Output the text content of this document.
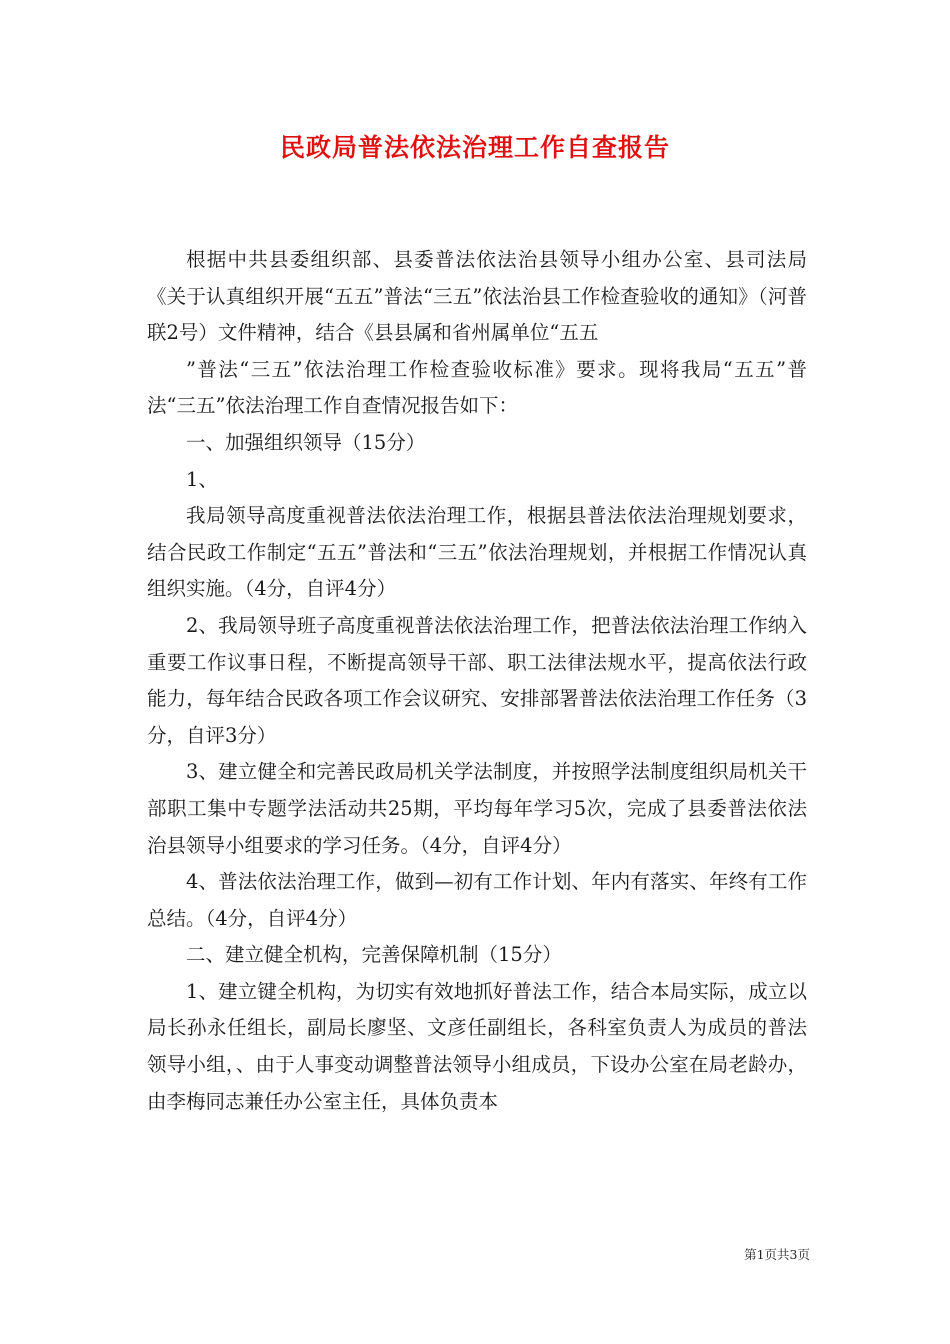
民政局普法依法治理工作自查报告

根据中共县委组织部、县委普法依法治县领导小组办公室、县司法局《关于认真组织开展“五五”普法“三五”依法治县工作检查验收的通知》（河普联2号）文件精神，结合《县县属和省州属单位“五五

”普法“三五”依法治理工作检查验收标准》要求。现将我局“五五”普法“三五”依法治理工作自查情况报告如下：

一、加强组织领导（15分）

1、

我局领导高度重视普法依法治理工作，根据县普法依法治理规划要求，结合民政工作制定“五五”普法和“三五”依法治理规划，并根据工作情况认真组织实施。（4分，自评4分）

2、我局领导班子高度重视普法依法治理工作，把普法依法治理工作纳入重要工作议事日程，不断提高领导干部、职工法律法规水平，提高依法行政能力，每年结合民政各项工作会议研究、安排部署普法依法治理工作任务（3分，自评3分）

3、建立健全和完善民政局机关学法制度，并按照学法制度组织局机关干部职工集中专题学法活动共25期，平均每年学习5次，完成了县委普法依法治县领导小组要求的学习任务。（4分，自评4分）

4、普法依法治理工作，做到—初有工作计划、年内有落实、年终有工作总结。（4分，自评4分）

二、建立健全机构，完善保障机制（15分）

1、建立键全机构，为切实有效地抓好普法工作，结合本局实际，成立以局长孙永任组长，副局长廖坚、文彦任副组长，各科室负责人为成员的普法领导小组，、由于人事变动调整普法领导小组成员，下设办公室在局老龄办，由李梅同志兼任办公室主任，具体负责本

第1页共3页
